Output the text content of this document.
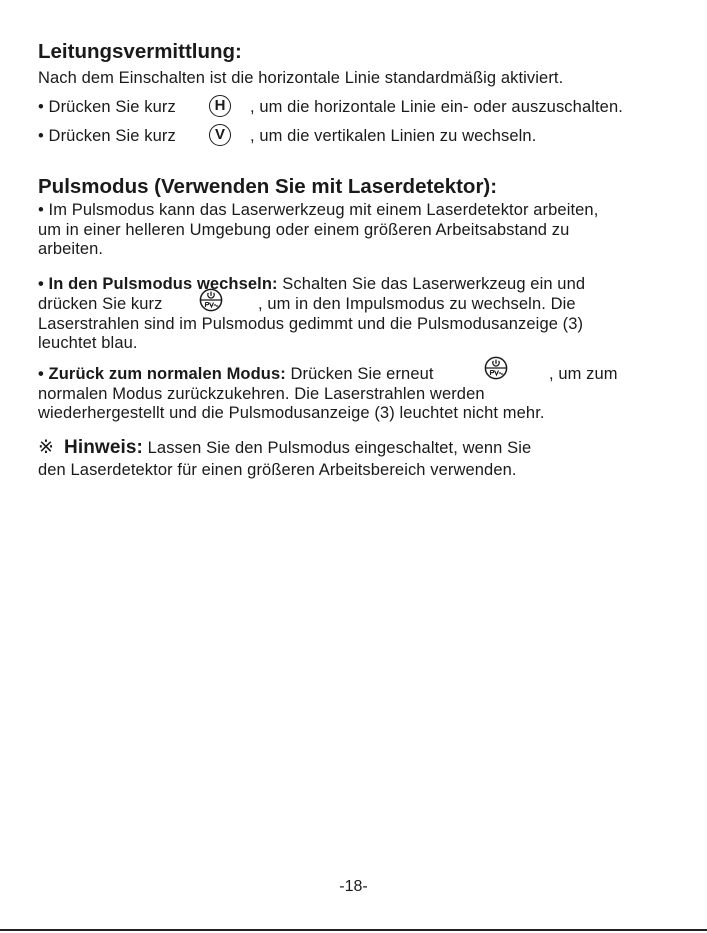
Leitungsvermittlung:
Nach dem Einschalten ist die horizontale Linie standardmäßig aktiviert.
• Drücken Sie kurz	H	, um die horizontale Linie ein- oder auszuschalten.
• Drücken Sie kurz	V	, um die vertikalen Linien zu wechseln.
Pulsmodus (Verwenden Sie mit Laserdetektor):
• Im Pulsmodus kann das Laserwerkzeug mit einem Laserdetektor arbeiten,
um in einer helleren Umgebung oder einem größeren Arbeitsabstand zu
arbeiten.
• In den Pulsmodus wechseln: Schalten Sie das Laserwerkzeug ein und
drücken Sie kurz	, um in den Impulsmodus zu wechseln. Die
Laserstrahlen sind im Pulsmodus gedimmt und die Pulsmodusanzeige (3)
leuchtet blau.
• Zurück zum normalen Modus: Drücken Sie erneut	, um zum
normalen Modus zurückzukehren. Die Laserstrahlen werden
wiederhergestellt und die Pulsmodusanzeige (3) leuchtet nicht mehr.
※ Hinweis: Lassen Sie den Pulsmodus eingeschaltet, wenn Sie
den Laserdetektor für einen größeren Arbeitsbereich verwenden.
-18-
